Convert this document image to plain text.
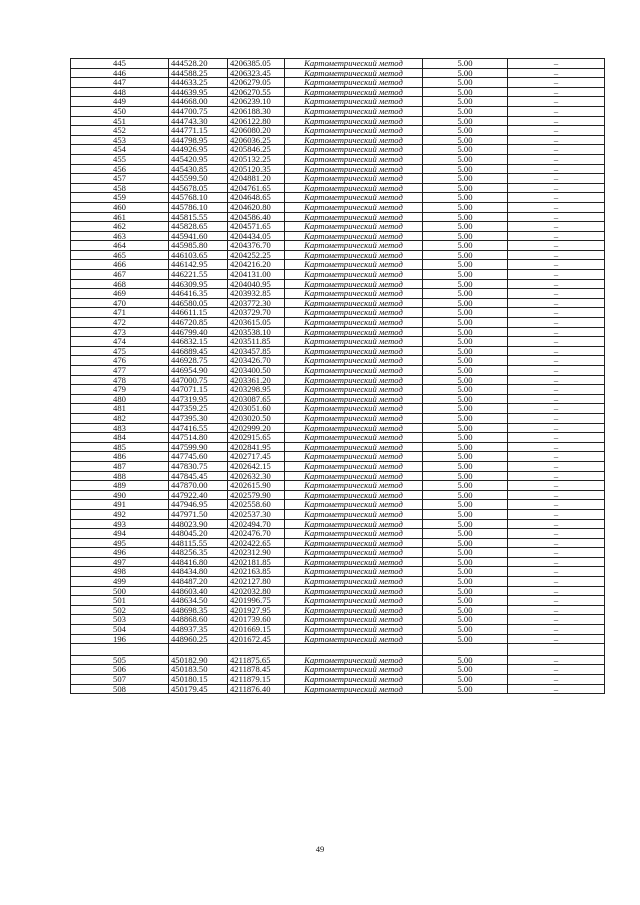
445	444528.20	4206385.05	Картометрический метод	5.00	–
446	444588.25	4206323.45	Картометрический метод	5.00	–
447	444633.25	4206279.05	Картометрический метод	5.00	–
448	444639.95	4206270.55	Картометрический метод	5.00	–
449	444668.00	4206239.10	Картометрический метод	5.00	–
450	444700.75	4206188.30	Картометрический метод	5.00	–
451	444743.30	4206122.80	Картометрический метод	5.00	–
452	444771.15	4206080.20	Картометрический метод	5.00	–
453	444798.95	4206036.25	Картометрический метод	5.00	–
454	444926.95	4205846.25	Картометрический метод	5.00	–
455	445420.95	4205132.25	Картометрический метод	5.00	–
456	445430.85	4205120.35	Картометрический метод	5.00	–
457	445599.50	4204881.20	Картометрический метод	5.00	–
458	445678.05	4204761.65	Картометрический метод	5.00	–
459	445768.10	4204648.65	Картометрический метод	5.00	–
460	445786.10	4204620.80	Картометрический метод	5.00	–
461	445815.55	4204586.40	Картометрический метод	5.00	–
462	445828.65	4204571.65	Картометрический метод	5.00	–
463	445941.60	4204434.05	Картометрический метод	5.00	–
464	445985.80	4204376.70	Картометрический метод	5.00	–
465	446103.65	4204252.25	Картометрический метод	5.00	–
466	446142.95	4204216.20	Картометрический метод	5.00	–
467	446221.55	4204131.00	Картометрический метод	5.00	–
468	446309.95	4204040.95	Картометрический метод	5.00	–
469	446416.35	4203932.85	Картометрический метод	5.00	–
470	446580.05	4203772.30	Картометрический метод	5.00	–
471	446611.15	4203729.70	Картометрический метод	5.00	–
472	446720.85	4203615.05	Картометрический метод	5.00	–
473	446799.40	4203538.10	Картометрический метод	5.00	–
474	446832.15	4203511.85	Картометрический метод	5.00	–
475	446889.45	4203457.85	Картометрический метод	5.00	–
476	446928.75	4203426.70	Картометрический метод	5.00	–
477	446954.90	4203400.50	Картометрический метод	5.00	–
478	447000.75	4203361.20	Картометрический метод	5.00	–
479	447071.15	4203298.95	Картометрический метод	5.00	–
480	447319.95	4203087.65	Картометрический метод	5.00	–
481	447359.25	4203051.60	Картометрический метод	5.00	–
482	447395.30	4203020.50	Картометрический метод	5.00	–
483	447416.55	4202999.20	Картометрический метод	5.00	–
484	447514.80	4202915.65	Картометрический метод	5.00	–
485	447599.90	4202841.95	Картометрический метод	5.00	–
486	447745.60	4202717.45	Картометрический метод	5.00	–
487	447830.75	4202642.15	Картометрический метод	5.00	–
488	447845.45	4202632.30	Картометрический метод	5.00	–
489	447870.00	4202615.90	Картометрический метод	5.00	–
490	447922.40	4202579.90	Картометрический метод	5.00	–
491	447946.95	4202558.60	Картометрический метод	5.00	–
492	447971.50	4202537.30	Картометрический метод	5.00	–
493	448023.90	4202494.70	Картометрический метод	5.00	–
494	448045.20	4202476.70	Картометрический метод	5.00	–
495	448115.55	4202422.65	Картометрический метод	5.00	–
496	448256.35	4202312.90	Картометрический метод	5.00	–
497	448416.80	4202181.85	Картометрический метод	5.00	–
498	448434.80	4202163.85	Картометрический метод	5.00	–
499	448487.20	4202127.80	Картометрический метод	5.00	–
500	448603.40	4202032.80	Картометрический метод	5.00	–
501	448634.50	4201996.75	Картометрический метод	5.00	–
502	448698.35	4201927.95	Картометрический метод	5.00	–
503	448868.60	4201739.60	Картометрический метод	5.00	–
504	448937.35	4201669.15	Картометрический метод	5.00	–
196	448960.25	4201672.45	Картометрический метод	5.00	–

505	450182.90	4211875.65	Картометрический метод	5.00	–
506	450183.50	4211878.45	Картометрический метод	5.00	–
507	450180.15	4211879.15	Картометрический метод	5.00	–
508	450179.45	4211876.40	Картометрический метод	5.00	–
49
